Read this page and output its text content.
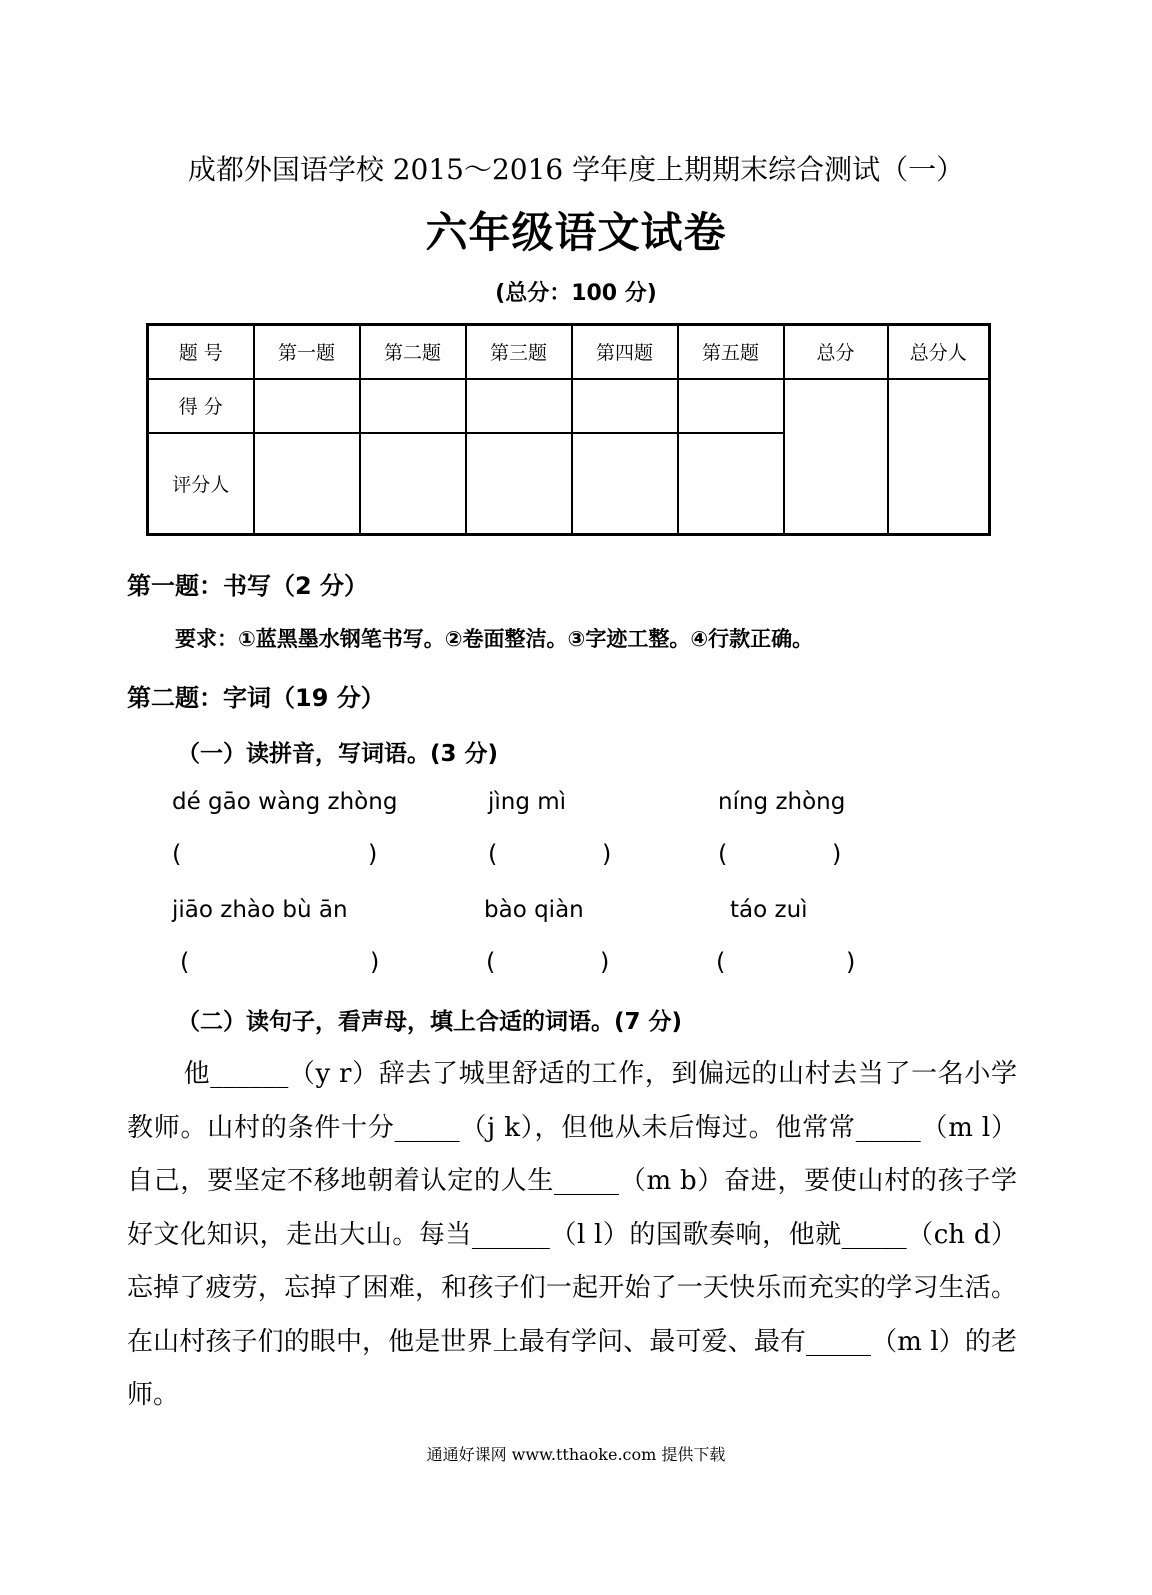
成都外国语学校 2015～2016 学年度上期期末综合测试（一）
六年级语文试卷
(总分：100 分)
题 号	第一题	第二题	第三题	第四题	第五题	总分	总分人
得 分							
评分人							
第一题：书写（2 分）
要求：①蓝黑墨水钢笔书写。②卷面整洁。③字迹工整。④行款正确。
第二题：字词（19 分）
（一）读拼音，写词语。(3 分)
dé gāo wàng zhòng	jìng mì	níng zhòng
(	)	(	)	(	)
jiāo zhào bù ān	bào qiàn	táo zuì
(	)	(	)	(	)
（二）读句子，看声母，填上合适的词语。(7 分)
他______（y r）辞去了城里舒适的工作，到偏远的山村去当了一名小学教师。山村的条件十分_____（j k），但他从未后悔过。他常常_____（m l）自己，要坚定不移地朝着认定的人生_____（m b）奋进，要使山村的孩子学好文化知识，走出大山。每当______（l l）的国歌奏响，他就_____（ch d）忘掉了疲劳，忘掉了困难，和孩子们一起开始了一天快乐而充实的学习生活。在山村孩子们的眼中，他是世界上最有学问、最可爱、最有_____（m l）的老师。
通通好课网 www.tthaoke.com 提供下载
